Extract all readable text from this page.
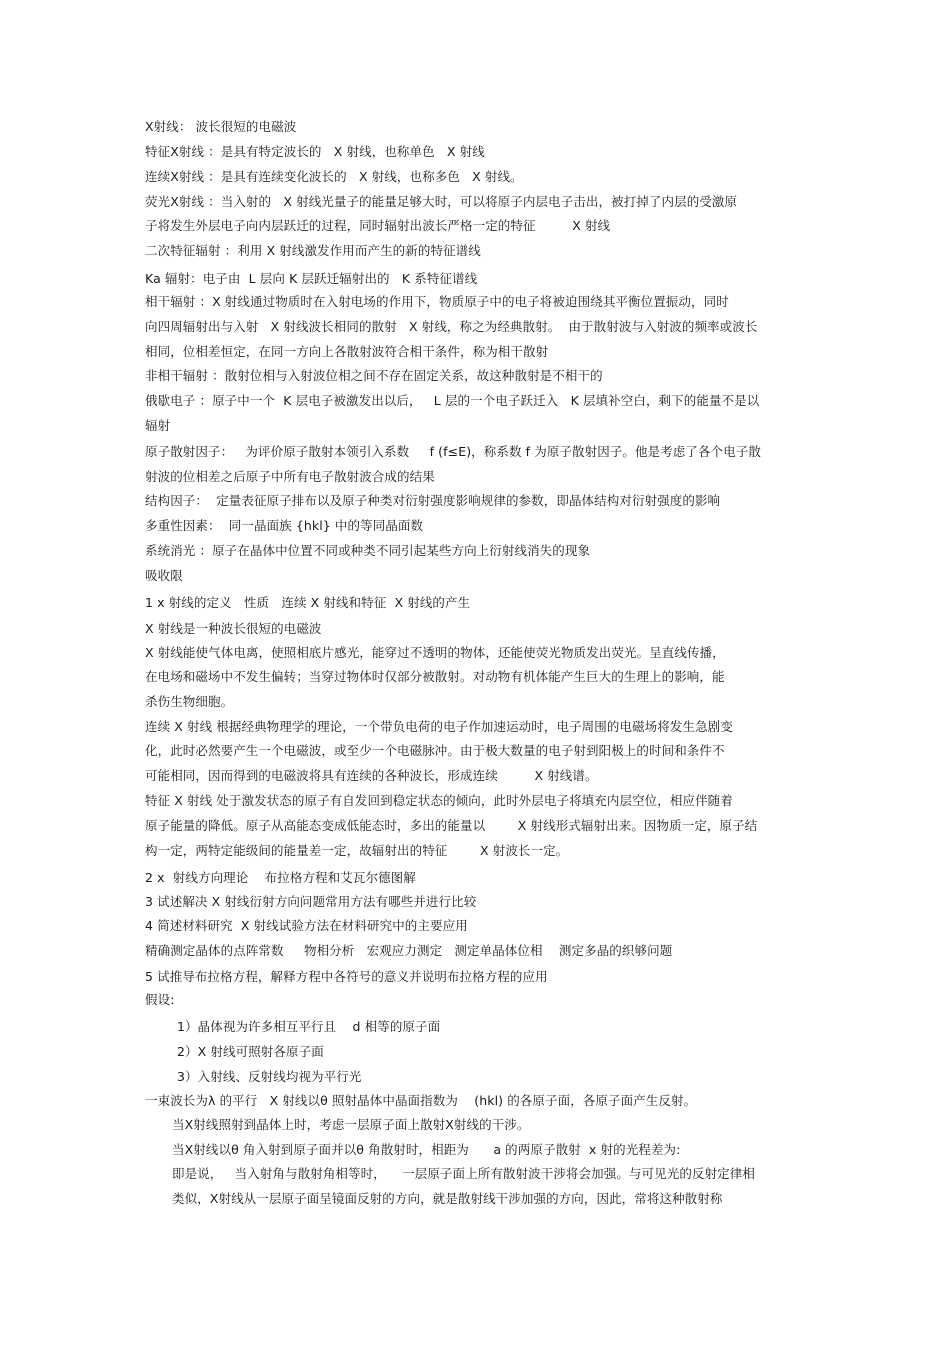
X射线： 波长很短的电磁波
特征X射线 ：是具有特定波长的   X 射线，也称单色   X 射线
连续X射线 ：是具有连续变化波长的   X 射线，也称多色   X 射线。
荧光X射线 ：当入射的   X 射线光量子的能量足够大时，可以将原子内层电子击出，被打掉了内层的受激原
子将发生外层电子向内层跃迁的过程，同时辐射出波长严格一定的特征         X 射线
二次特征辐射 ：利用 X 射线激发作用而产生的新的特征谱线
Ka 辐射：电子由  L 层向 K 层跃迁辐射出的   K 系特征谱线
相干辐射 ：X 射线通过物质时在入射电场的作用下，物质原子中的电子将被迫围绕其平衡位置振动，同时
向四周辐射出与入射   X 射线波长相同的散射   X 射线，称之为经典散射。  由于散射波与入射波的频率或波长
相同，位相差恒定，在同一方向上各散射波符合相干条件，称为相干散射
非相干辐射 ：散射位相与入射波位相之间不存在固定关系，故这种散射是不相干的
俄歇电子 ：原子中一个  K 层电子被激发出以后，   L 层的一个电子跃迁入   K 层填补空白，剩下的能量不是以
辐射
原子散射因子：   为评价原子散射本领引入系数     f (f≤E)，称系数 f 为原子散射因子。他是考虑了各个电子散
射波的位相差之后原子中所有电子散射波合成的结果
结构因子：  定量表征原子排布以及原子种类对衍射强度影响规律的参数，即晶体结构对衍射强度的影响
多重性因素：  同一晶面族 {hkl} 中的等同晶面数
系统消光 ：原子在晶体中位置不同或种类不同引起某些方向上衍射线消失的现象
吸收限
1 x 射线的定义   性质   连续 X 射线和特征  X 射线的产生
X 射线是一种波长很短的电磁波
X 射线能使气体电离，使照相底片感光，能穿过不透明的物体，还能使荧光物质发出荧光。呈直线传播，
在电场和磁场中不发生偏转；当穿过物体时仅部分被散射。对动物有机体能产生巨大的生理上的影响，能
杀伤生物细胞。
连续 X 射线 根据经典物理学的理论，一个带负电荷的电子作加速运动时，电子周围的电磁场将发生急剧变
化，此时必然要产生一个电磁波，或至少一个电磁脉冲。由于极大数量的电子射到阳极上的时间和条件不
可能相同，因而得到的电磁波将具有连续的各种波长，形成连续         X 射线谱。
特征 X 射线 处于激发状态的原子有自发回到稳定状态的倾向，此时外层电子将填充内层空位，相应伴随着
原子能量的降低。原子从高能态变成低能态时，多出的能量以        X 射线形式辐射出来。因物质一定，原子结
构一定，两特定能级间的能量差一定，故辐射出的特征        X 射波长一定。
2 x  射线方向理论    布拉格方程和艾瓦尔德图解
3 试述解决 X 射线衍射方向问题常用方法有哪些并进行比较
4 简述材料研究  X 射线试验方法在材料研究中的主要应用
精确测定晶体的点阵常数     物相分析   宏观应力测定   测定单晶体位相    测定多晶的织够问题
5 试推导布拉格方程，解释方程中各符号的意义并说明布拉格方程的应用
假设:
1）晶体视为许多相互平行且    d 相等的原子面
2）X 射线可照射各原子面
3）入射线、反射线均视为平行光
一束波长为λ 的平行   X 射线以θ 照射晶体中晶面指数为    (hkl) 的各原子面，各原子面产生反射。
当X射线照射到晶体上时，考虑一层原子面上散射X射线的干涉。
当X射线以θ 角入射到原子面并以θ 角散射时，相距为      a 的两原子散射  x 射的光程差为:
即是说，   当入射角与散射角相等时，    一层原子面上所有散射波干涉将会加强。与可见光的反射定律相
类似，X射线从一层原子面呈镜面反射的方向，就是散射线干涉加强的方向，因此，常将这种散射称
